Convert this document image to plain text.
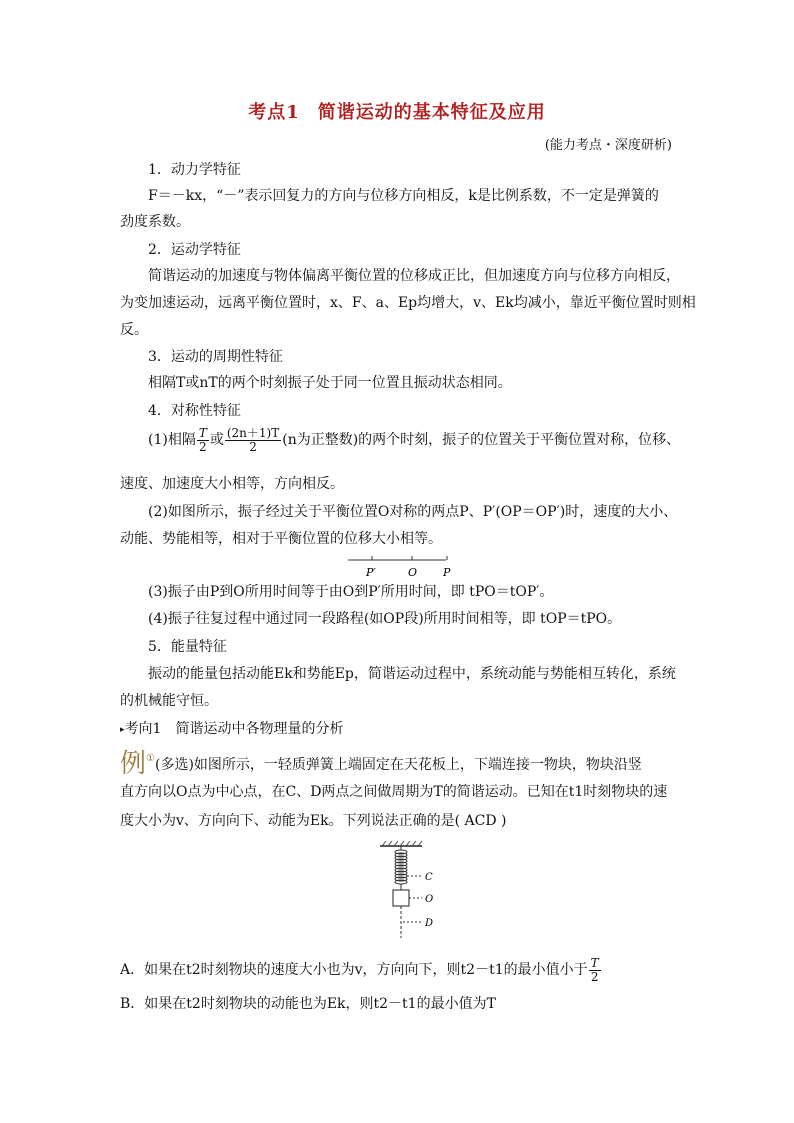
考点1 简谐运动的基本特征及应用
(能力考点・深度研析)
1．动力学特征
F＝－kx，“－”表示回复力的方向与位移方向相反，k是比例系数，不一定是弹簧的
劲度系数。
2．运动学特征
简谐运动的加速度与物体偏离平衡位置的位移成正比，但加速度方向与位移方向相反，
为变加速运动，远离平衡位置时，x、F、a、Ep均增大，v、Ek均减小，靠近平衡位置时则相
反。
3．运动的周期性特征
相隔T或nT的两个时刻振子处于同一位置且振动状态相同。
4．对称性特征
(1)相隔 $\frac{T}{2}$ 或 $\frac{(2n+1)T}{2} (n$为正整数)的两个时刻，振子的位置关于平衡位置对称，位移、
速度、加速度大小相等，方向相反。
(2)如图所示，振子经过关于平衡位置O对称的两点P、P′(OP＝OP′)时，速度的大小、
动能、势能相等，相对于平衡位置的位移大小相等。
P′	O P
(3)振子由P到O所用时间等于由O到P′所用时间，即 tPO＝tOP′。
(4)振子往复过程中通过同一段路程(如OP段)所用时间相等，即 tOP＝tPO。
5．能量特征
振动的能量包括动能Ek和势能Ep，简谐运动过程中，系统动能与势能相互转化，系统
的机械能守恒。
▸考向1　简谐运动中各物理量的分析
例①(多选)如图所示，一轻质弹簧上端固定在天花板上，下端连接一物块，物块沿竖
直方向以O点为中心点，在C、D两点之间做周期为T的简谐运动。已知在t1时刻物块的速
度大小为v、方向向下、动能为Ek。下列说法正确的是( ACD )
C
O
D
A．如果在t2时刻物块的速度大小也为v，方向向下，则t2－t1的最小值小于 $\frac{T}{2}$
B．如果在t2时刻物块的动能也为Ek，则t2－t1的最小值为T
